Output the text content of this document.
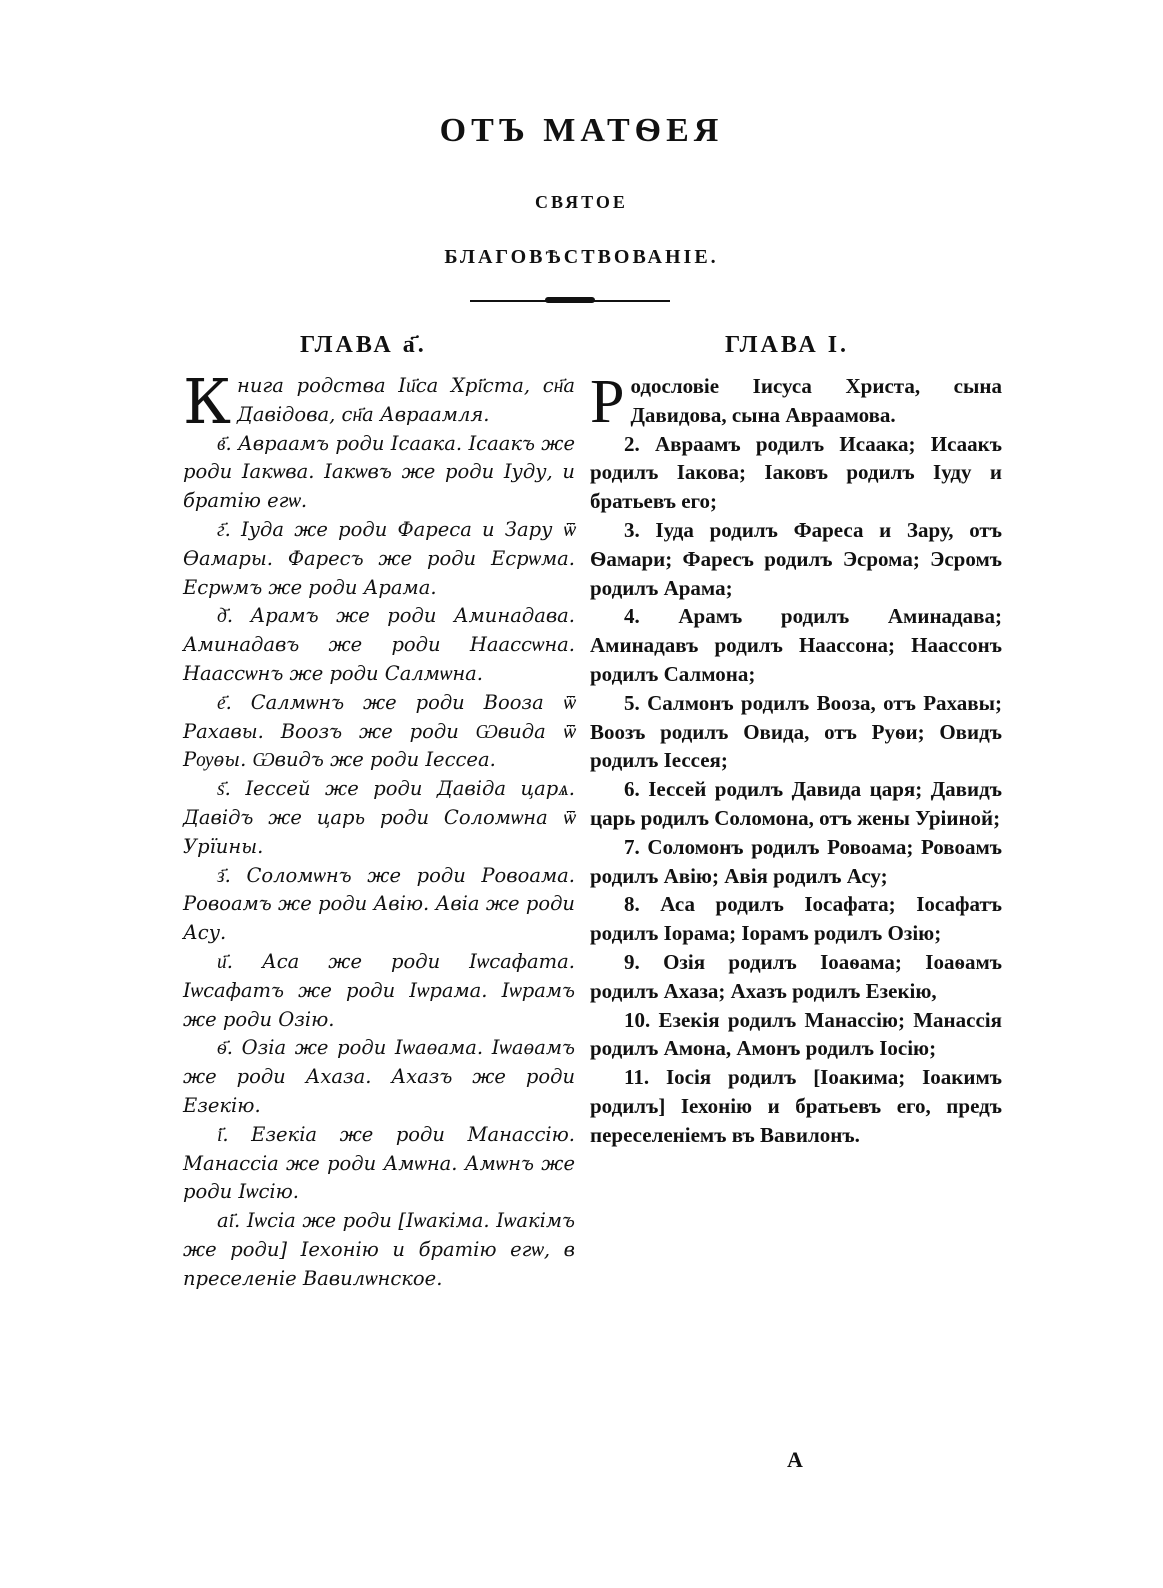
ОТЪ МАТѲЕЯ
СВЯТОЕ
БЛАГОВѢСТВОВАНІЕ.
ГЛАВА а҃.	ГЛАВА I.

Книга родства Іи҃са Хрі҃ста, сн҃а Давідова, сн҃а Авраамля.

в҃. Авраамъ роди Ісаака. Ісаакъ же роди Іакѡва. Іакѡвъ же роди Іуду, и братію егѡ.

г҃. Іуда же роди Фареса и Зару ѿ Ѳамары. Фаресъ же роди Есрѡма. Есрѡмъ же роди Арама.

д҃. Арамъ же роди Аминадава. Аминадавъ же роди Наассѡна. Наассѡнъ же роди Салмѡна.

е҃. Салмѡнъ же роди Вооза ѿ Рахавы. Воозъ же роди Ѡвида ѿ Рѹѳы. Ѡвидъ же роди Іессеа.

ѕ҃. Іессей же роди Давіда царѧ. Давідъ же царь роди Соломѡна ѿ Урїины.

з҃. Соломѡнъ же роди Ровоама. Ровоамъ же роди Авію. Авіа же роди Асу.

и҃. Аса же роди Іѡсафата. Іѡсафатъ же роди Іѡрама. Іѡрамъ же роди Озію.

ѳ҃. Озіа же роди Іѡаѳама. Іѡаѳамъ же роди Ахаза. Ахазъ же роди Езекію.

і҃. Езекіа же роди Манассію. Манассіа же роди Амѡна. Амѡнъ же роди Іѡсію.

аі҃. Іѡсіа же роди [Іѡакіма. Іѡакімъ же роди] Іехонію и братію егѡ, в преселеніе Вавилѡнское.

Родословіе Іисуса Христа, сына Давидова, сына Авраамова.

2. Авраамъ родилъ Исаака; Исаакъ родилъ Іакова; Іаковъ родилъ Іуду и братьевъ его;

3. Іуда родилъ Фареса и Зару, отъ Ѳамари; Фаресъ родилъ Эсрома; Эсромъ родилъ Арама;

4. Арамъ родилъ Аминадава; Аминадавъ родилъ Наассона; Наассонъ родилъ Салмона;

5. Салмонъ родилъ Вооза, отъ Рахавы; Воозъ родилъ Овида, отъ Руѳи; Овидъ родилъ Іессея;

6. Іессей родилъ Давида царя; Давидъ царь родилъ Соломона, отъ жены Уріиной;

7. Соломонъ родилъ Ровоама; Ровоамъ родилъ Авію; Авія родилъ Асу;

8. Аса родилъ Іосафата; Іосафатъ родилъ Іорама; Іорамъ родилъ Озію;

9. Озія родилъ Іоаѳама; Іоаѳамъ родилъ Ахаза; Ахазъ родилъ Езекію,

10. Езекія родилъ Манассію; Манассія родилъ Амона, Амонъ родилъ Іосію;

11. Іосія родилъ [Іоакима; Іоакимъ родилъ] Іехонію и братьевъ его, предъ переселеніемъ въ Вавилонъ.

А
